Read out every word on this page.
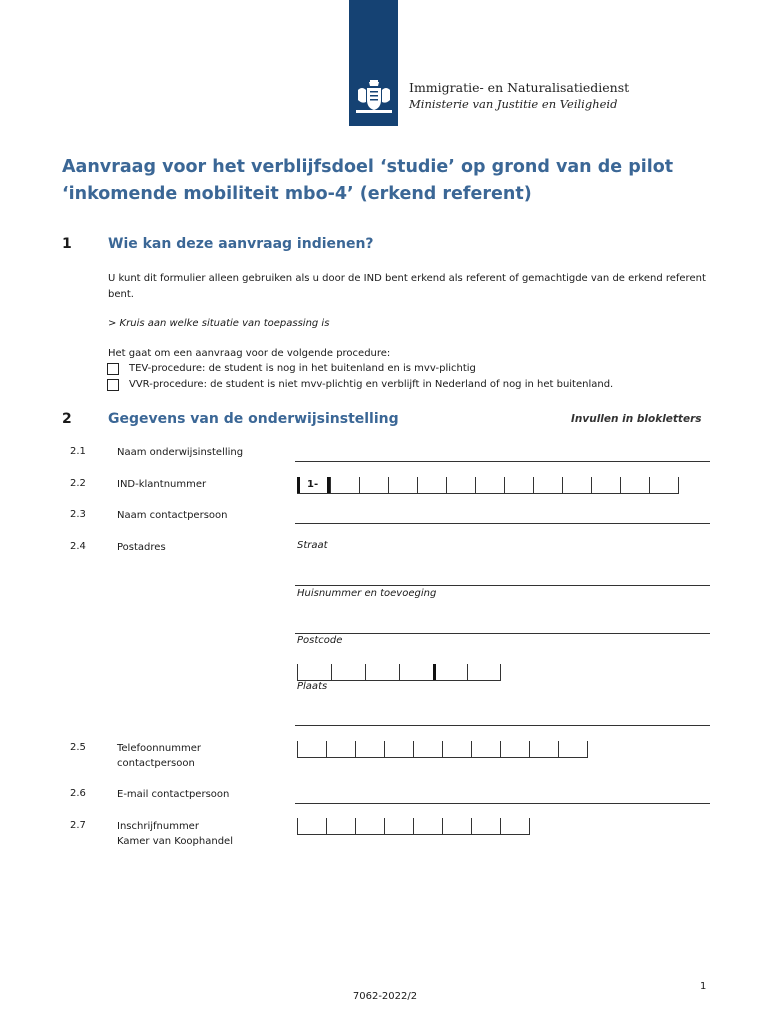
Immigratie- en Naturalisatiedienst
Ministerie van Justitie en Veiligheid
Aanvraag voor het verblijfsdoel ‘studie’ op grond van de pilot ‘inkomende mobiliteit mbo-4’ (erkend referent)
1	Wie kan deze aanvraag indienen?
U kunt dit formulier alleen gebruiken als u door de IND bent erkend als referent of gemachtigde van de erkend referent bent.
> Kruis aan welke situatie van toepassing is
Het gaat om een aanvraag voor de volgende procedure:
TEV-procedure: de student is nog in het buitenland en is mvv-plichtig
VVR-procedure: de student is niet mvv-plichtig en verblijft in Nederland of nog in het buitenland.
2	Gegevens van de onderwijsinstelling	Invullen in blokletters
2.1	Naam onderwijsinstelling
2.2	IND-klantnummer	1-
2.3	Naam contactpersoon
2.4	Postadres	Straat
Huisnummer en toevoeging
Postcode
Plaats
2.5	Telefoonnummer
contactpersoon
2.6	E-mail contactpersoon
2.7	Inschrijfnummer
Kamer van Koophandel
1
7062-2022/2
